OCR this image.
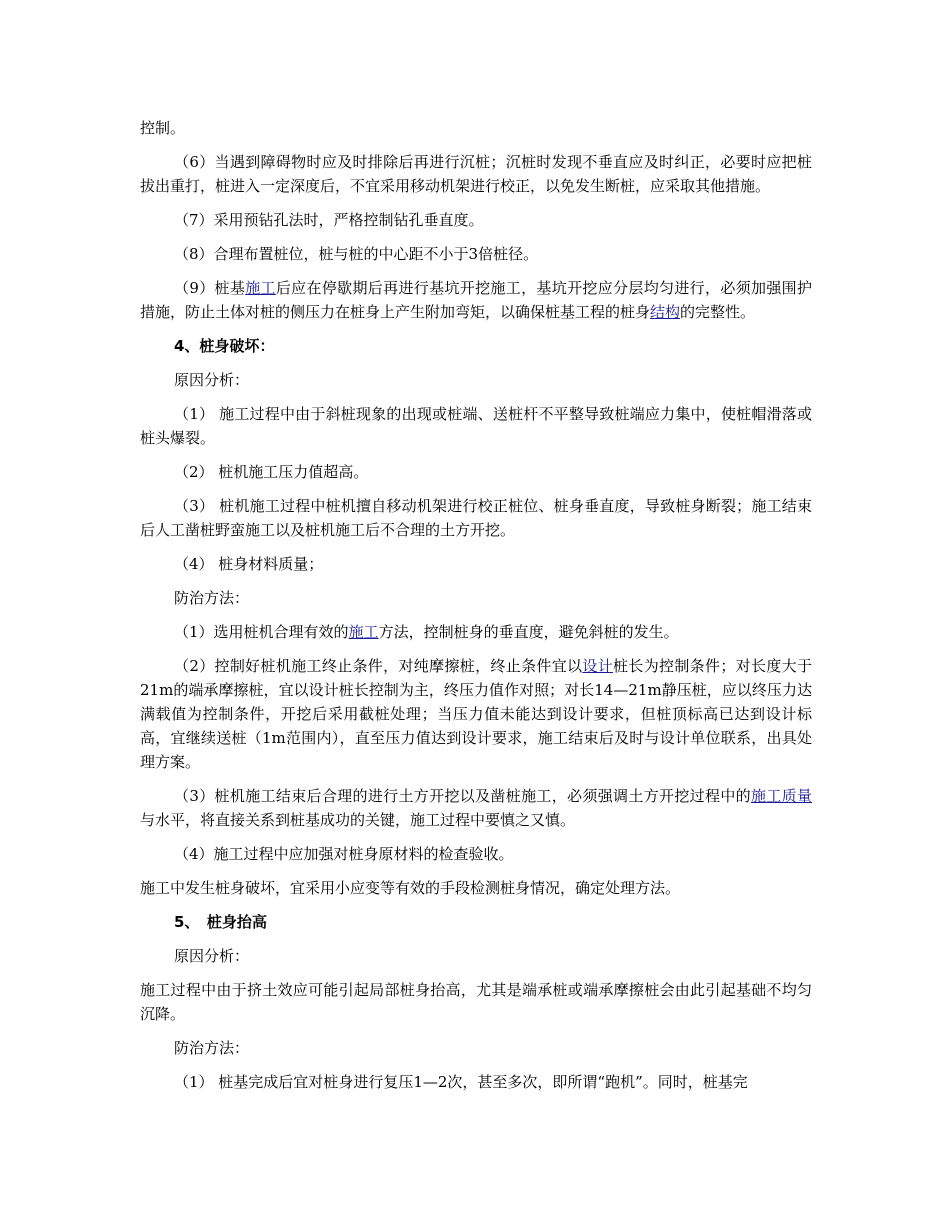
控制。

（6）当遇到障碍物时应及时排除后再进行沉桩；沉桩时发现不垂直应及时纠正，必要时应把桩拔出重打，桩进入一定深度后，不宜采用移动机架进行校正，以免发生断桩，应采取其他措施。

（7）采用预钻孔法时，严格控制钻孔垂直度。

（8）合理布置桩位，桩与桩的中心距不小于3倍桩径。

（9）桩基施工后应在停歇期后再进行基坑开挖施工，基坑开挖应分层均匀进行，必须加强围护措施，防止土体对桩的侧压力在桩身上产生附加弯矩，以确保桩基工程的桩身结构的完整性。

4、桩身破坏：

原因分析：

（1） 施工过程中由于斜桩现象的出现或桩端、送桩杆不平整导致桩端应力集中，使桩帽滑落或桩头爆裂。

（2） 桩机施工压力值超高。

（3） 桩机施工过程中桩机擅自移动机架进行校正桩位、桩身垂直度，导致桩身断裂；施工结束后人工凿桩野蛮施工以及桩机施工后不合理的土方开挖。

（4） 桩身材料质量；

防治方法：

（1）选用桩机合理有效的施工方法，控制桩身的垂直度，避免斜桩的发生。

（2）控制好桩机施工终止条件，对纯摩擦桩，终止条件宜以设计桩长为控制条件；对长度大于21m的端承摩擦桩，宜以设计桩长控制为主，终压力值作对照；对长14—21m静压桩，应以终压力达满载值为控制条件，开挖后采用截桩处理；当压力值未能达到设计要求，但桩顶标高已达到设计标高，宜继续送桩（1m范围内），直至压力值达到设计要求，施工结束后及时与设计单位联系，出具处理方案。

（3）桩机施工结束后合理的进行土方开挖以及凿桩施工，必须强调土方开挖过程中的施工质量与水平，将直接关系到桩基成功的关键，施工过程中要慎之又慎。

（4）施工过程中应加强对桩身原材料的检查验收。

施工中发生桩身破坏，宜采用小应变等有效的手段检测桩身情况，确定处理方法。

5、　桩身抬高

原因分析：

施工过程中由于挤土效应可能引起局部桩身抬高，尤其是端承桩或端承摩擦桩会由此引起基础不均匀沉降。

防治方法：

（1） 桩基完成后宜对桩身进行复压1—2次，甚至多次，即所谓“跑机”。同时，桩基完
